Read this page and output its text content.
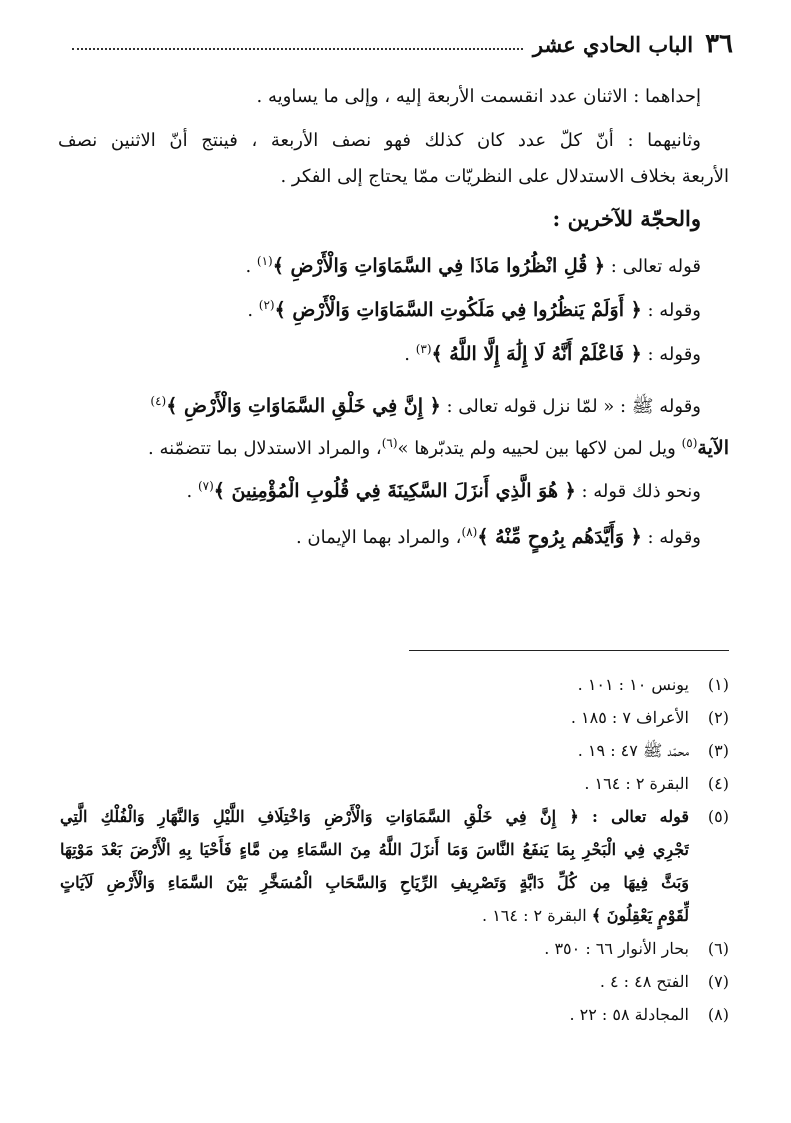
٣٦
الباب الحادي عشر
إحداهما : الاثنان عدد انقسمت الأربعة إليه ، وإلى ما يساويه .
وثانيهما : أنّ كلّ عدد كان كذلك فهو نصف الأربعة ، فينتج أنّ الاثنين نصف
الأربعة بخلاف الاستدلال على النظريّات ممّا يحتاج إلى الفكر .
والحجّة للآخرين :
قوله تعالى : ﴿ قُلِ انْظُرُوا مَاذَا فِي السَّمَاوَاتِ وَالْأَرْضِ ﴾$^{(١)}$ .
وقوله : ﴿ أَوَلَمْ يَنظُرُوا فِي مَلَكُوتِ السَّمَاوَاتِ وَالْأَرْضِ ﴾$^{(٢)}$ .
وقوله : ﴿ فَاعْلَمْ أَنَّهُ لَا إِلَٰهَ إِلَّا اللَّهُ ﴾$^{(٣)}$ .
وقوله ﷺ : « لمّا نزل قوله تعالى : ﴿ إِنَّ فِي خَلْقِ السَّمَاوَاتِ وَالْأَرْضِ ﴾$^{(٤)}$
الآية$^{(٥)}$ ويل لمن لاكها بين لحييه ولم يتدبّرها »$^{(٦)}$، والمراد الاستدلال بما تتضمّنه .
ونحو ذلك قوله : ﴿ هُوَ الَّذِي أَنزَلَ السَّكِينَةَ فِي قُلُوبِ الْمُؤْمِنِينَ ﴾$^{(٧)}$ .
وقوله : ﴿ وَأَيَّدَهُم بِرُوحٍ مِّنْهُ ﴾$^{(٨)}$، والمراد بهما الإيمان .
(١)
يونس ١٠ : ١٠١ .
(٢)
الأعراف ٧ : ١٨٥ .
(٣)
محمّد ﷺ ٤٧ : ١٩ .
(٤)
البقرة ٢ : ١٦٤ .
(٥)
قوله تعالى : ﴿ إِنَّ فِي خَلْقِ السَّمَاوَاتِ وَالْأَرْضِ وَاخْتِلَافِ اللَّيْلِ وَالنَّهَارِ وَالْفُلْكِ الَّتِي
تَجْرِي فِي الْبَحْرِ بِمَا يَنفَعُ النَّاسَ وَمَا أَنزَلَ اللَّهُ مِنَ السَّمَاءِ مِن مَّاءٍ فَأَحْيَا بِهِ الْأَرْضَ بَعْدَ مَوْتِهَا
وَبَثَّ فِيهَا مِن كُلِّ دَابَّةٍ وَتَصْرِيفِ الرِّيَاحِ وَالسَّحَابِ الْمُسَخَّرِ بَيْنَ السَّمَاءِ وَالْأَرْضِ لَآيَاتٍ
لِّقَوْمٍ يَعْقِلُونَ ﴾ البقرة ٢ : ١٦٤ .
(٦)
بحار الأنوار ٦٦ : ٣٥٠ .
(٧)
الفتح ٤٨ : ٤ .
(٨)
المجادلة ٥٨ : ٢٢ .
